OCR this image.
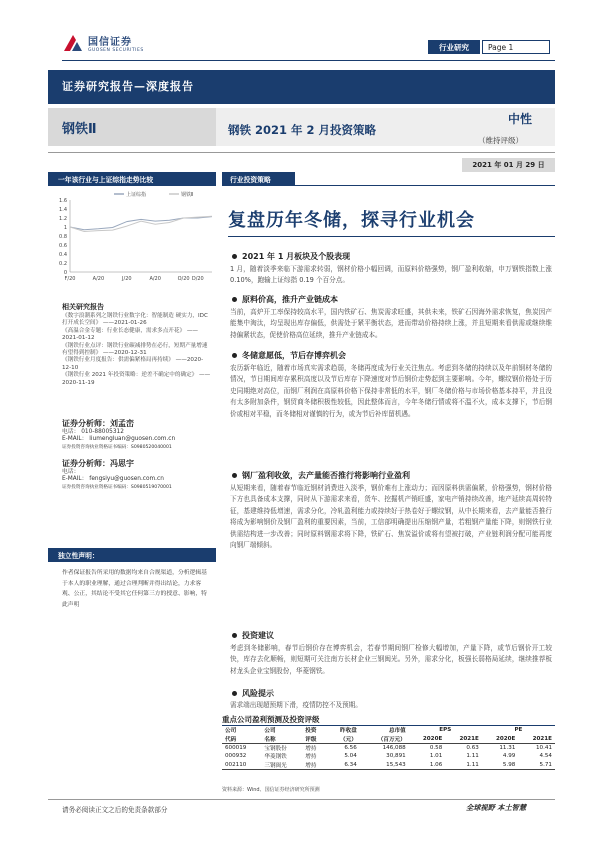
国信证券
GUOSEN SECURITIES	行业研究	Page 1
证券研究报告—深度报告
钢铁Ⅱ	钢铁 2021 年 2 月投资策略
中性
（维持评级）
2021 年 01 月 29 日
一年该行业与上证综指走势比较
0
0.2
0.4
0.6
0.8
1
1.2
1.4
1.6
F/20	A/20	J/20	A/20	O/20 D/20
上证综指	钢铁Ⅱ
相关研究报告
《数字浪潮系列之钢铁行业数字化：智能制造 硬实力，IDC 打开成长空间》 ——2021-01-26
《高温合金专题：行业长态健康，需求多点开花》 ——2021-01-12
《钢铁行业点评：钢铁行业碳减排势在必行，短期产量增速有望得到控制》 ——2020-12-31
《钢铁行业月度报告：供需偏紧格局再持续》 ——2020-12-10
《钢铁行业 2021 年投资策略：逆差不确定中的确定》 ——2020-11-19
证券分析师：刘孟峦
电话： 010-88005312
E-MAIL： liumengluan@guosen.com.cn
证券投资咨询执业资格证书编码：S0980520040001
证券分析师：冯思宇
电话：
E-MAIL： fengsiyu@guosen.com.cn
证券投资咨询执业资格证书编码：S0980519070001
独立性声明：
作者保证报告所采用的数据均来自合规渠道，分析逻辑基于本人的职业理解，通过合理判断并得出结论，力求客观、公正，其结论不受其它任何第三方的授意、影响，特此声明
行业投资策略
复盘历年冬储，探寻行业机会
2021 年 1 月板块及个股表现
1 月，随着淡季来临下游需求转弱，钢材价格小幅回调，而原料价格强势，钢厂盈利收缩，申万钢铁指数上涨 0.10%，跑输上证综指 0.19 个百分点。
原料价高，推升产业链成本
当前，高炉开工率保持较高水平，国内铁矿石、焦炭需求旺盛，其供未来，铁矿石因海外需求恢复，焦炭因产能集中淘汰，均呈现出库存偏低，供需处于紧平衡状态，进而带动价格持续上涨，并且短期来看供需或继续维持偏紧状态，促使价格高位延续，推升产业链成本。
冬储意愿低，节后存博弈机会
农历新年临近，随着市场真实需求趋弱，冬储再度成为行业关注焦点。考虑到冬储的持续以及年前钢材冬储的情况，节日期间库存累积高度以及节后库存下降速度对节后钢价走势起到主要影响。今年，螺纹钢价格处于历史同期绝对高位，而钢厂利润在高原料价格下保持非常低的水平，钢厂冬储价格与市场价格基本持平，并且没有太多附加条件，钢贸商冬储积极性较低，因此整体而言，今年冬储行情或将不温不火，成本支撑下，节后钢价或相对平稳，而冬储相对谨慎的行为，或为节后补库留机遇。
钢厂盈利收敛，去产量能否推行将影响行业盈利
从短期来看，随着春节临近钢材消费进入淡季，钢价难有上涨动力；而因原料供需偏紧，价格强势，钢材价格下方也具备成本支撑，同时从下游需求来看，货车、挖掘机产销旺盛，家电产销持续改善，地产延续高周转特征，基建维持低增速，需求分化，冷轧盈利能力或持续好于热卷好于螺纹钢，从中长期来看，去产量能否推行将成为影响钢价及钢厂盈利的重要因素，当前，工信部明确提出压缩钢产量，若粗钢产量能下降，则钢铁行业供需结构进一步改善；同时原料钢需求将下降，铁矿石、焦炭溢价或将有望被打破，产业链利润分配可能再度向钢厂端倾斜。
投资建议
考虑到冬储影响，春节后钢价存在博弈机会，若春节期间钢厂检修大幅增加，产量下降，或节后钢价开工较快，库存去化顺畅，则短期可关注南方长材企业三钢闽光。另外，需求分化，板强长弱格局延续，继续推荐板材龙头企业宝钢股份，华菱钢铁。
风险提示
需求端出现超预期下滑，疫情防控不及预期。
重点公司盈利预测及投资评级
公司	公司	投资	昨收盘	总市值	EPS		PE	
代码	名称	评级	（元）	（百万元）	2020E	2021E	2020E	2021E
600019	宝钢股份	增持	6.56	146,088	0.58	0.63	11.31	10.41
000932	华菱钢铁	增持	5.04	30,891	1.01	1.11	4.99	4.54
002110	三钢闽光	增持	6.34	15,543	1.06	1.11	5.98	5.71
资料来源：Wind、国信证券经济研究所预测
请务必阅读正文之后的免责条款部分	全球视野 本土智慧
